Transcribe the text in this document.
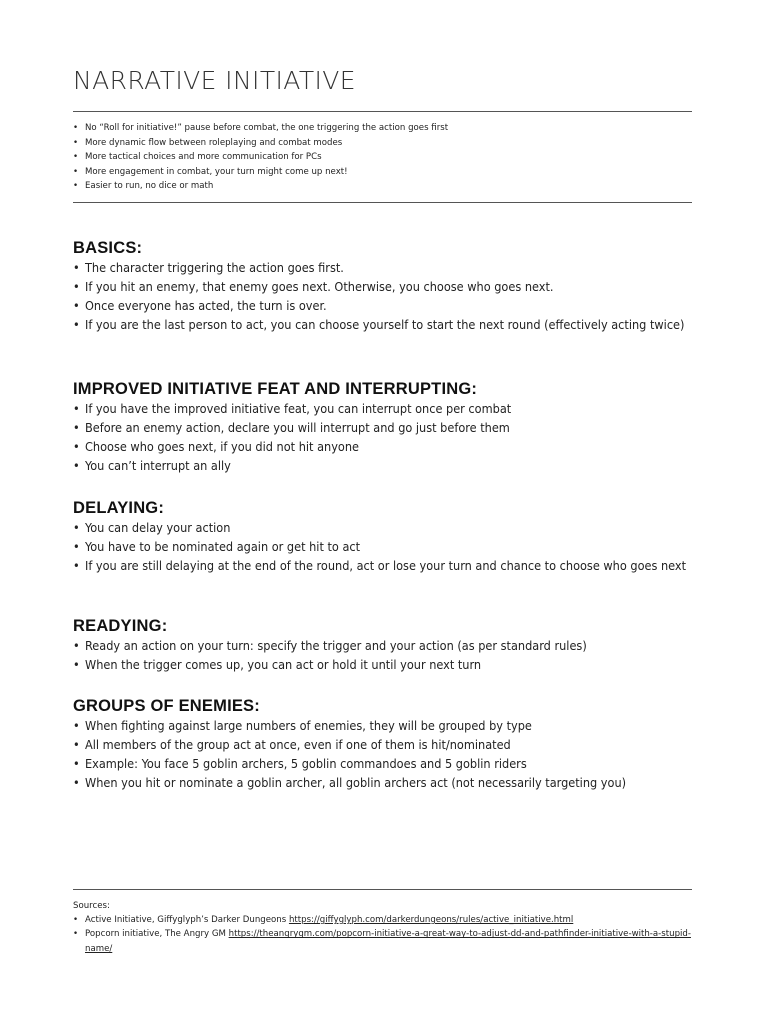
NARRATIVE INITIATIVE
• No “Roll for initiative!” pause before combat, the one triggering the action goes first
• More dynamic flow between roleplaying and combat modes
• More tactical choices and more communication for PCs
• More engagement in combat, your turn might come up next!
• Easier to run, no dice or math
BASICS:
• The character triggering the action goes first.
• If you hit an enemy, that enemy goes next. Otherwise, you choose who goes next.
• Once everyone has acted, the turn is over.
• If you are the last person to act, you can choose yourself to start the next round (effectively acting twice)
IMPROVED INITIATIVE FEAT AND INTERRUPTING:
• If you have the improved initiative feat, you can interrupt once per combat
• Before an enemy action, declare you will interrupt and go just before them
• Choose who goes next, if you did not hit anyone
• You can’t interrupt an ally
DELAYING:
• You can delay your action
• You have to be nominated again or get hit to act
• If you are still delaying at the end of the round, act or lose your turn and chance to choose who goes next
READYING:
• Ready an action on your turn: specify the trigger and your action (as per standard rules)
• When the trigger comes up, you can act or hold it until your next turn
GROUPS OF ENEMIES:
• When fighting against large numbers of enemies, they will be grouped by type
• All members of the group act at once, even if one of them is hit/nominated
• Example: You face 5 goblin archers, 5 goblin commandoes and 5 goblin riders
• When you hit or nominate a goblin archer, all goblin archers act (not necessarily targeting you)
Sources:
• Active Initiative, Giffyglyph’s Darker Dungeons https://giffyglyph.com/darkerdungeons/rules/active_initiative.html
• Popcorn initiative, The Angry GM https://theangrygm.com/popcorn-initiative-a-great-way-to-adjust-dd-and-pathfinder-initiative-with-a-stupid-name/
